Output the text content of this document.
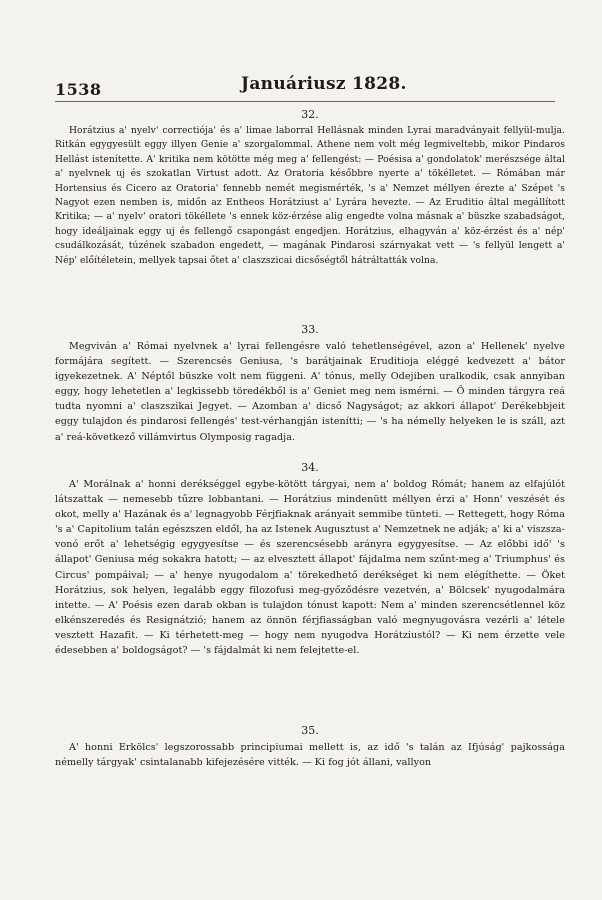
1538	Januáriusz 1828.
32.
Horátzius a' nyelv' correctiója' és a' limae laborral Hellásnak minden Lyrai maradványait fellyül-mulja. Ritkán egygyesült eggy illyen Genie a' szorgalommal. Athene nem volt még legmiveltebb, mikor Pindaros Hellást istenítette. A' kritika nem kötötte még meg a' fellengést: — Poésisa a' gondolatok' merészsége által a' nyelvnek uj és szokatlan Virtust adott. Az Oratoria későbbre nyerte a' tökélletet. — Rómában már Hortensius és Cicero az Oratoria' fennebb nemét megismérték, 's a' Nemzet méllyen érezte a' Szépet 's Nagyot ezen nemben is, midőn az Entheos Horátziust a' Lyrára hevezte. — Az Eruditio által megállított Kritika; — a' nyelv' oratori tökéllete 's ennek köz-érzése alig engedte volna másnak a' büszke szabadságot, hogy ideáljainak eggy uj és fellengő csapongást engedjen. Horátzius, elhagyván a' köz-érzést és a' nép' csudálkozását, túzének szabadon engedett, — magának Pindarosi szárnyakat vett — 's fellyül lengett a' Nép' előítéletein, mellyek tapsai őtet a' claszszicai dicsőségtől hátráltatták volna.
33.
Megviván a' Római nyelvnek a' lyrai fellengésre való tehetlenségével, azon a' Hellenek' nyelve formájára segített. — Szerencsés Geniusa, 's barátjainak Eruditioja eléggé kedvezett a' bátor igyekezetnek. A' Néptől büszke volt nem függeni. A' tónus, melly Odejiben uralkodik, csak annyiban eggy, hogy lehetetlen a' legkissebb töredékből is a' Geniet meg nem ismérni. — Ő minden tárgyra reá tudta nyomni a' claszszikai Jegyet. — Azomban a' dicső Nagyságot; az akkori állapot' Derékebbjeit eggy tulajdon és pindarosi fellengés' test-vérhangján istenítti; — 's ha némelly helyeken le is száll, azt a' reá-következő villámvirtus Olymposig ragadja.
34.
A' Morálnak a' honni derékséggel egybe-kötött tárgyai, nem a' boldog Rómát; hanem az elfajúlót látszattak — nemesebb tűzre lobbantani. — Horátzius mindenütt méllyen érzi a' Honn' veszését és okot, melly a' Hazának és a' legnagyobb Férjfiaknak arányait semmibe tünteti. — Rettegett, hogy Róma 's a' Capitolium talán egészszen eldől, ha az Istenek Augusztust a' Nemzetnek ne adják; a' ki a' viszsza-vonó erőt a' lehetségig egygyesítse — és szerencsésebb arányra egygyesítse. — Az előbbi idő' 's állapot' Geniusa még sokakra hatott; — az elvesztett állapot' fájdalma nem szűnt-meg a' Triumphus' és Circus' pompáival; — a' henye nyugodalom a' törekedhető derékséget ki nem elégíthette. — Öket Horátzius, sok helyen, legalább eggy filozofusi meg-győződésre vezetvén, a' Bölcsek' nyugodalmára intette. — A' Poésis ezen darab okban is tulajdon tónust kapott: Nem a' minden szerencsétlennel köz elkénszeredés és Resignátzió; hanem az önnön férjfiasságban való megnyugovásra vezérli a' létele vesztett Hazafit. — Ki térhetett-meg — hogy nem nyugodva Horátziustól? — Ki nem érzette vele édesebben a' boldogságot? — 's fájdalmát ki nem felejtette-el.
35.
A' honni Erkölcs' legszorossabb principiumai mellett is, az idő 's talán az Ifjúság' pajkossága némelly tárgyak' csintalanabb kifejezésére vitték. — Ki fog jót állani, vallyon
